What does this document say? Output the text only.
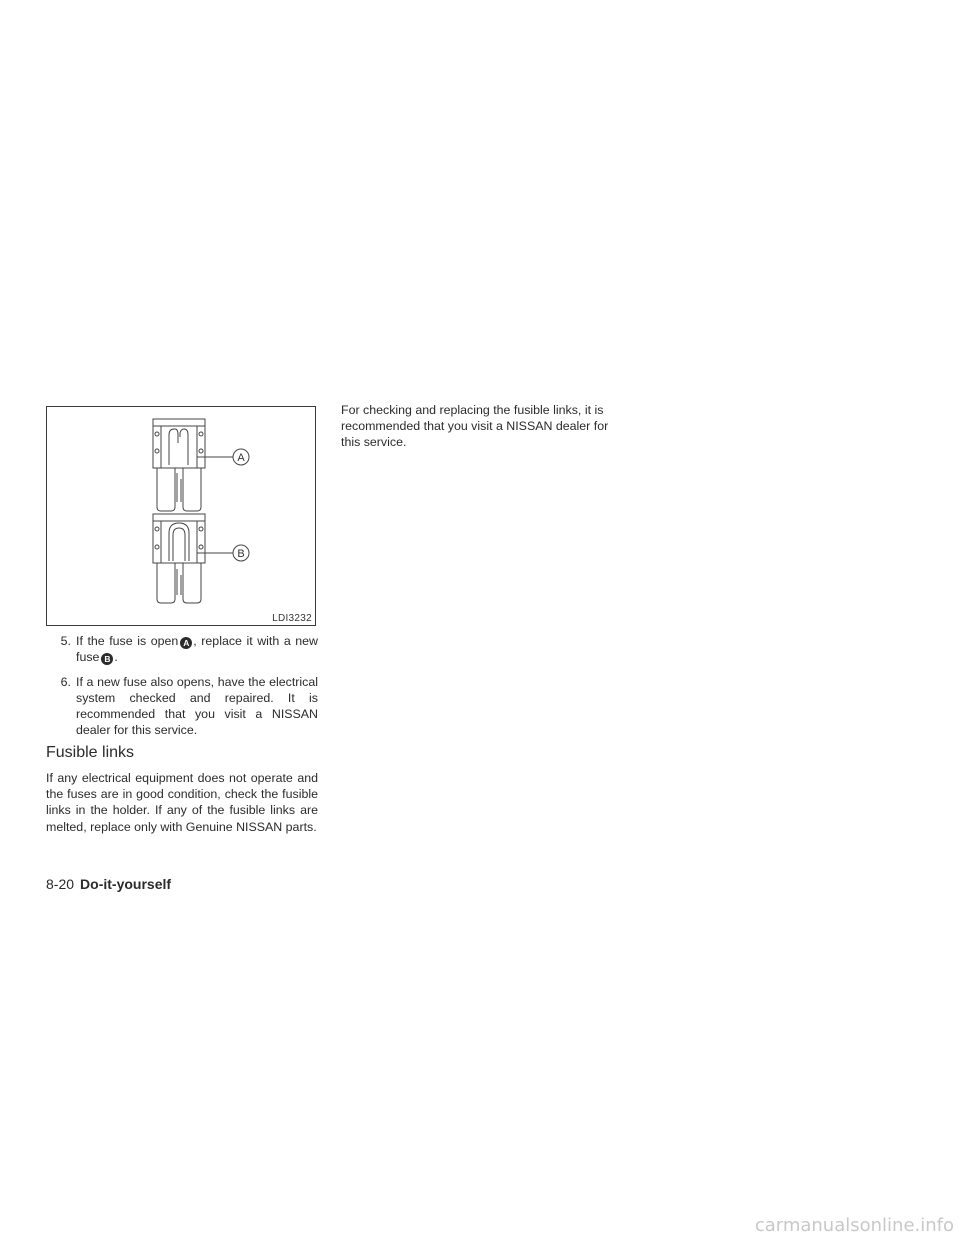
A
B
LDI3232
5. If the fuse is open A , replace it with a new fuse B .
6. If a new fuse also opens, have the electrical system checked and repaired. It is recommended that you visit a NISSAN dealer for this service.
Fusible links

If any electrical equipment does not operate and the fuses are in good condition, check the fusible links in the holder. If any of the fusible links are melted, replace only with Genuine NISSAN parts.

For checking and replacing the fusible links, it is recommended that you visit a NISSAN dealer for this service.

8-20 Do-it-yourself
carmanualsonline.info
